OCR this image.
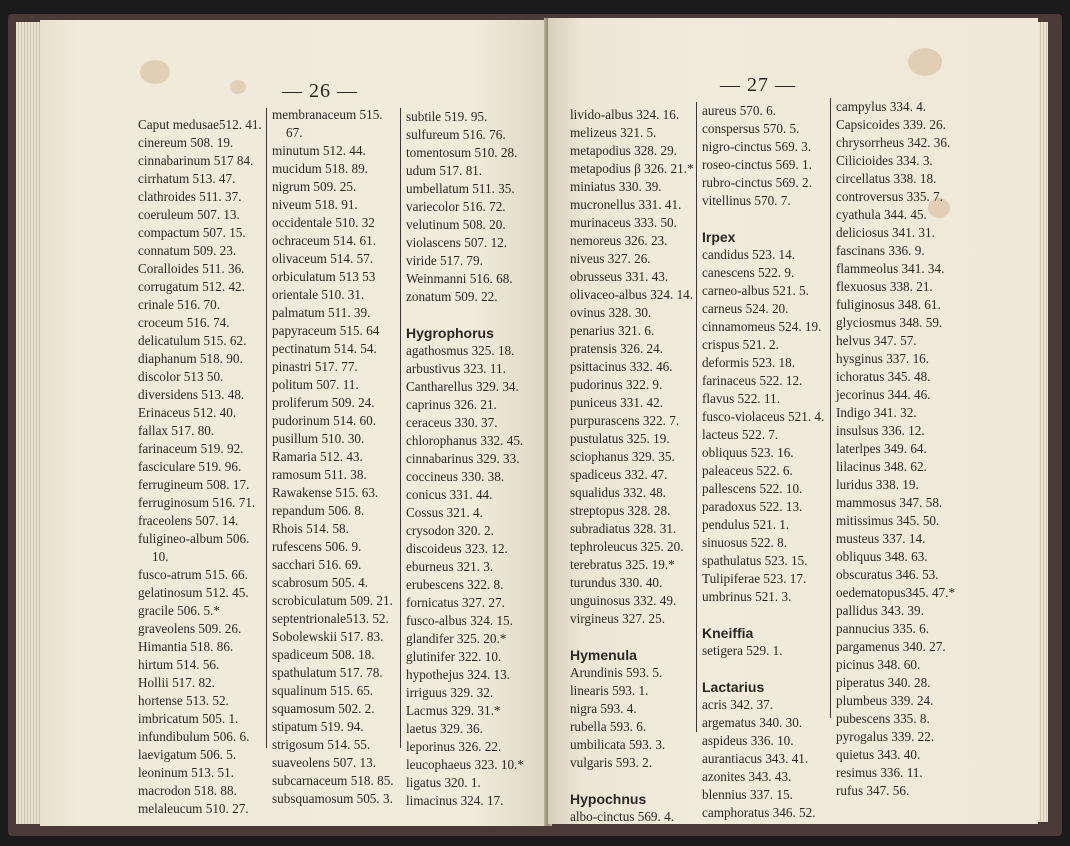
— 26 —
Caput medusae512. 41.
cinereum 508. 19.
cinnabarinum 517 84.
cirrhatum 513. 47.
clathroides 511. 37.
coeruleum 507. 13.
compactum 507. 15.
connatum 509. 23.
Coralloides 511. 36.
corrugatum 512. 42.
crinale 516. 70.
croceum 516. 74.
delicatulum 515. 62.
diaphanum 518. 90.
discolor 513 50.
diversidens 513. 48.
Erinaceus 512. 40.
fallax 517. 80.
farinaceum 519. 92.
fasciculare 519. 96.
ferrugineum 508. 17.
ferruginosum 516. 71.
fraceolens 507. 14.
fuligineo-album 506.
10.
fusco-atrum 515. 66.
gelatinosum 512. 45.
gracile 506. 5.*
graveolens 509. 26.
Himantia 518. 86.
hirtum 514. 56.
Hollii 517. 82.
hortense 513. 52.
imbricatum 505. 1.
infundibulum 506. 6.
laevigatum 506. 5.
leoninum 513. 51.
macrodon 518. 88.
melaleucum 510. 27.
membranaceum 515.
67.
minutum 512. 44.
mucidum 518. 89.
nigrum 509. 25.
niveum 518. 91.
occidentale 510. 32
ochraceum 514. 61.
olivaceum 514. 57.
orbiculatum 513 53
orientale 510. 31.
palmatum 511. 39.
papyraceum 515. 64
pectinatum 514. 54.
pinastri 517. 77.
politum 507. 11.
proliferum 509. 24.
pudorinum 514. 60.
pusillum 510. 30.
Ramaria 512. 43.
ramosum 511. 38.
Rawakense 515. 63.
repandum 506. 8.
Rhois 514. 58.
rufescens 506. 9.
sacchari 516. 69.
scabrosum 505. 4.
scrobiculatum 509. 21.
septentrionale513. 52.
Sobolewskii 517. 83.
spadiceum 508. 18.
spathulatum 517. 78.
squalinum 515. 65.
squamosum 502. 2.
stipatum 519. 94.
strigosum 514. 55.
suaveolens 507. 13.
subcarnaceum 518. 85.
subsquamosum 505. 3.
subtile 519. 95.
sulfureum 516. 76.
tomentosum 510. 28.
udum 517. 81.
umbellatum 511. 35.
variecolor 516. 72.
velutinum 508. 20.
violascens 507. 12.
viride 517. 79.
Weinmanni 516. 68.
zonatum 509. 22.
Hygrophorus
agathosmus 325. 18.
arbustivus 323. 11.
Cantharellus 329. 34.
caprinus 326. 21.
ceraceus 330. 37.
chlorophanus 332. 45.
cinnabarinus 329. 33.
coccineus 330. 38.
conicus 331. 44.
Cossus 321. 4.
crysodon 320. 2.
discoideus 323. 12.
eburneus 321. 3.
erubescens 322. 8.
fornicatus 327. 27.
fusco-albus 324. 15.
glandifer 325. 20.*
glutinifer 322. 10.
hypothejus 324. 13.
irriguus 329. 32.
Lacmus 329. 31.*
laetus 329. 36.
leporinus 326. 22.
leucophaeus 323. 10.*
ligatus 320. 1.
limacinus 324. 17.
— 27 —
livido-albus 324. 16.
melizeus 321. 5.
metapodius 328. 29.
metapodius β 326. 21.*
miniatus 330. 39.
mucronellus 331. 41.
murinaceus 333. 50.
nemoreus 326. 23.
niveus 327. 26.
obrusseus 331. 43.
olivaceo-albus 324. 14.
ovinus 328. 30.
penarius 321. 6.
pratensis 326. 24.
psittacinus 332. 46.
pudorinus 322. 9.
puniceus 331. 42.
purpurascens 322. 7.
pustulatus 325. 19.
sciophanus 329. 35.
spadiceus 332. 47.
squalidus 332. 48.
streptopus 328. 28.
subradiatus 328. 31.
tephroleucus 325. 20.
terebratus 325. 19.*
turundus 330. 40.
unguinosus 332. 49.
virgineus 327. 25.
Hymenula
Arundinis 593. 5.
linearis 593. 1.
nigra 593. 4.
rubella 593. 6.
umbilicata 593. 3.
vulgaris 593. 2.
Hypochnus
albo-cinctus 569. 4.
aureus 570. 6.
conspersus 570. 5.
nigro-cinctus 569. 3.
roseo-cinctus 569. 1.
rubro-cinctus 569. 2.
vitellinus 570. 7.
Irpex
candidus 523. 14.
canescens 522. 9.
carneo-albus 521. 5.
carneus 524. 20.
cinnamomeus 524. 19.
crispus 521. 2.
deformis 523. 18.
farinaceus 522. 12.
flavus 522. 11.
fusco-violaceus 521. 4.
lacteus 522. 7.
obliquus 523. 16.
paleaceus 522. 6.
pallescens 522. 10.
paradoxus 522. 13.
pendulus 521. 1.
sinuosus 522. 8.
spathulatus 523. 15.
Tulipiferae 523. 17.
umbrinus 521. 3.
Kneiffia
setigera 529. 1.
Lactarius
acris 342. 37.
argematus 340. 30.
aspideus 336. 10.
aurantiacus 343. 41.
azonites 343. 43.
blennius 337. 15.
camphoratus 346. 52.
campylus 334. 4.
Capsicoides 339. 26.
chrysorrheus 342. 36.
Cilicioides 334. 3.
circellatus 338. 18.
controversus 335. 7.
cyathula 344. 45.
deliciosus 341. 31.
fascinans 336. 9.
flammeolus 341. 34.
flexuosus 338. 21.
fuliginosus 348. 61.
glyciosmus 348. 59.
helvus 347. 57.
hysginus 337. 16.
ichoratus 345. 48.
jecorinus 344. 46.
Indigo 341. 32.
insulsus 336. 12.
laterlpes 349. 64.
lilacinus 348. 62.
luridus 338. 19.
mammosus 347. 58.
mitissimus 345. 50.
musteus 337. 14.
obliquus 348. 63.
obscuratus 346. 53.
oedematopus345. 47.*
pallidus 343. 39.
pannucius 335. 6.
pargamenus 340. 27.
picinus 348. 60.
piperatus 340. 28.
plumbeus 339. 24.
pubescens 335. 8.
pyrogalus 339. 22.
quietus 343. 40.
resimus 336. 11.
rufus 347. 56.
